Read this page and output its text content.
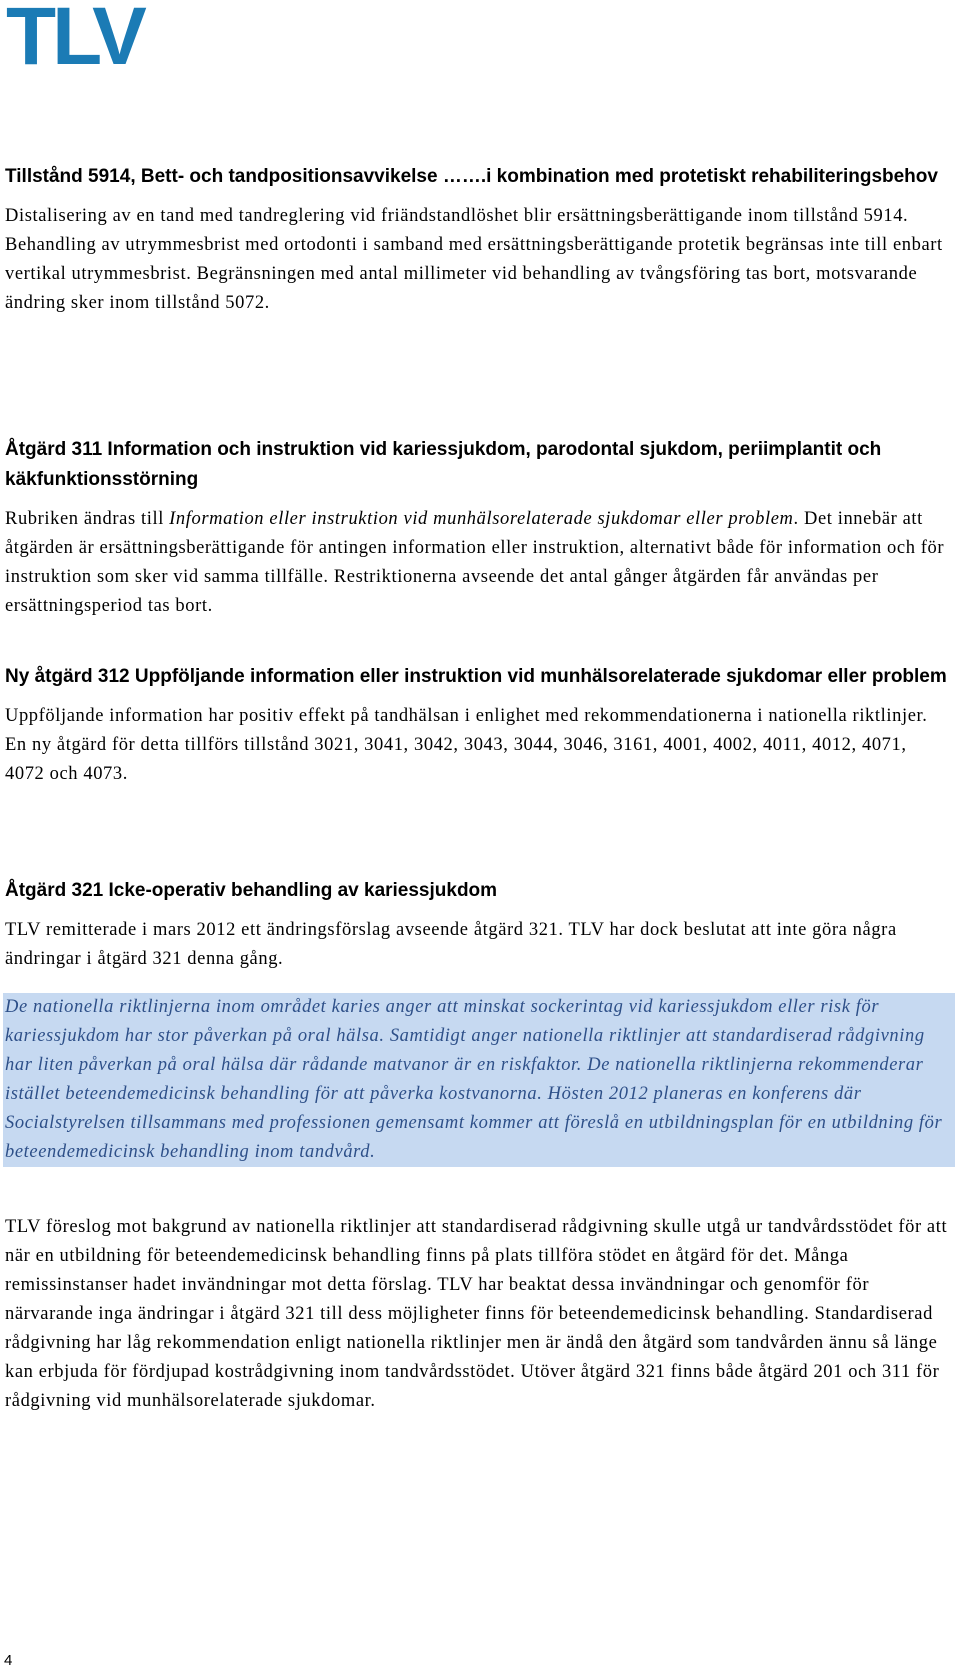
TLV
Tillstånd 5914, Bett- och tandpositionsavvikelse …….i kombination med protetiskt rehabiliteringsbehov

Distalisering av en tand med tandreglering vid friändstandlöshet blir ersättningsberättigande inom tillstånd 5914. Behandling av utrymmesbrist med ortodonti i samband med ersättningsberättigande protetik begränsas inte till enbart vertikal utrymmesbrist. Begränsningen med antal millimeter vid behandling av tvångsföring tas bort, motsvarande ändring sker inom tillstånd 5072.

Åtgärd 311 Information och instruktion vid kariessjukdom, parodontal sjukdom, periimplantit och käkfunktionsstörning

Rubriken ändras till Information eller instruktion vid munhälsorelaterade sjukdomar eller problem. Det innebär att åtgärden är ersättningsberättigande för antingen information eller instruktion, alternativt både för information och för instruktion som sker vid samma tillfälle. Restriktionerna avseende det antal gånger åtgärden får användas per ersättningsperiod tas bort.

Ny åtgärd 312 Uppföljande information eller instruktion vid munhälsorelaterade sjukdomar eller problem

Uppföljande information har positiv effekt på tandhälsan i enlighet med rekommendationerna i nationella riktlinjer. En ny åtgärd för detta tillförs tillstånd 3021, 3041, 3042, 3043, 3044, 3046, 3161, 4001, 4002, 4011, 4012, 4071, 4072 och 4073.

Åtgärd 321 Icke-operativ behandling av kariessjukdom

TLV remitterade i mars 2012 ett ändringsförslag avseende åtgärd 321. TLV har dock beslutat att inte göra några ändringar i åtgärd 321 denna gång.

De nationella riktlinjerna inom området karies anger att minskat sockerintag vid kariessjukdom eller risk för kariessjukdom har stor påverkan på oral hälsa. Samtidigt anger nationella riktlinjer att standardiserad rådgivning har liten påverkan på oral hälsa där rådande matvanor är en riskfaktor. De nationella riktlinjerna rekommenderar istället beteendemedicinsk behandling för att påverka kostvanorna. Hösten 2012 planeras en konferens där Socialstyrelsen tillsammans med professionen gemensamt kommer att föreslå en utbildningsplan för en utbildning för beteendemedicinsk behandling inom tandvård.

TLV föreslog mot bakgrund av nationella riktlinjer att standardiserad rådgivning skulle utgå ur tandvårdsstödet för att när en utbildning för beteendemedicinsk behandling finns på plats tillföra stödet en åtgärd för det. Många remissinstanser hadet invändningar mot detta förslag. TLV har beaktat dessa invändningar och genomför för närvarande inga ändringar i åtgärd 321 till dess möjligheter finns för beteendemedicinsk behandling. Standardiserad rådgivning har låg rekommendation enligt nationella riktlinjer men är ändå den åtgärd som tandvården ännu så länge kan erbjuda för fördjupad kostrådgivning inom tandvårdsstödet. Utöver åtgärd 321 finns både åtgärd 201 och 311 för rådgivning vid munhälsorelaterade sjukdomar.

4
